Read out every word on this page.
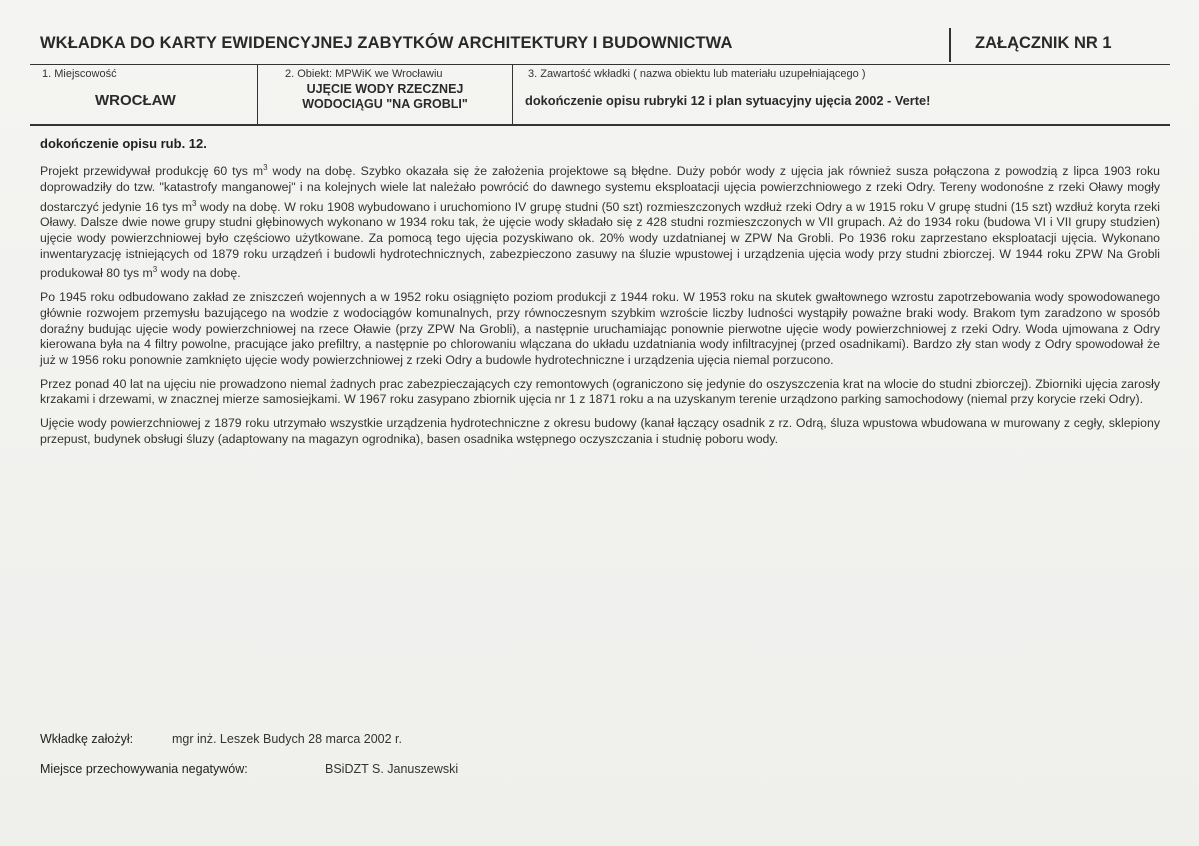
WKŁADKA DO KARTY EWIDENCYJNEJ ZABYTKÓW ARCHITEKTURY I BUDOWNICTWA	ZAŁĄCZNIK NR 1
1. Miejscowość
WROCŁAW
2. Obiekt: MPWiK we Wrocławiu
UJĘCIE WODY RZECZNEJ
WODOCIĄGU "NA GROBLI"
3. Zawartość wkładki ( nazwa obiektu lub materiału uzupełniającego )
dokończenie opisu rubryki 12 i plan sytuacyjny ujęcia 2002 - Verte!
dokończenie opisu rub. 12.

Projekt przewidywał produkcję 60 tys $m^3$ wody na dobę. Szybko okazała się że założenia projektowe są błędne. Duży pobór wody z ujęcia jak również susza połączona z powodzią z lipca 1903 roku doprowadziły do tzw. "katastrofy manganowej" i na kolejnych wiele lat należało powrócić do dawnego systemu eksploatacji ujęcia powierzchniowego z rzeki Odry. Tereny wodonośne z rzeki Oławy mogły dostarczyć jedynie 16 tys $m^3$ wody na dobę. W roku 1908 wybudowano i uruchomiono IV grupę studni (50 szt) rozmieszczonych wzdłuż rzeki Odry a w 1915 roku V grupę studni (15 szt) wzdłuż koryta rzeki Oławy. Dalsze dwie nowe grupy studni głębinowych wykonano w 1934 roku tak, że ujęcie wody składało się z 428 studni rozmieszczonych w VII grupach. Aż do 1934 roku (budowa VI i VII grupy studzien) ujęcie wody powierzchniowej było częściowo użytkowane. Za pomocą tego ujęcia pozyskiwano ok. 20% wody uzdatnianej w ZPW Na Grobli. Po 1936 roku zaprzestano eksploatacji ujęcia. Wykonano inwentaryzację istniejących od 1879 roku urządzeń i budowli hydrotechnicznych, zabezpieczono zasuwy na śluzie wpustowej i urządzenia ujęcia wody przy studni zbiorczej. W 1944 roku ZPW Na Grobli produkował 80 tys $m^3$ wody na dobę.

Po 1945 roku odbudowano zakład ze zniszczeń wojennych a w 1952 roku osiągnięto poziom produkcji z 1944 roku. W 1953 roku na skutek gwałtownego wzrostu zapotrzebowania wody spowodowanego głównie rozwojem przemysłu bazującego na wodzie z wodociągów komunalnych, przy równoczesnym szybkim wzroście liczby ludności wystąpiły poważne braki wody. Brakom tym zaradzono w sposób doraźny budując ujęcie wody powierzchniowej na rzece Oławie (przy ZPW Na Grobli), a następnie uruchamiając ponownie pierwotne ujęcie wody powierzchniowej z rzeki Odry. Woda ujmowana z Odry kierowana była na 4 filtry powolne, pracujące jako prefiltry, a następnie po chlorowaniu wlączana do układu uzdatniania wody infiltracyjnej (przed osadnikami). Bardzo zły stan wody z Odry spowodował że już w 1956 roku ponownie zamknięto ujęcie wody powierzchniowej z rzeki Odry a budowle hydrotechniczne i urządzenia ujęcia niemal porzucono.

Przez ponad 40 lat na ujęciu nie prowadzono niemal żadnych prac zabezpieczających czy remontowych (ograniczono się jedynie do oszyszczenia krat na wlocie do studni zbiorczej). Zbiorniki ujęcia zarosły krzakami i drzewami, w znacznej mierze samosiejkami. W 1967 roku zasypano zbiornik ujęcia nr 1 z 1871 roku a na uzyskanym terenie urządzono parking samochodowy (niemal przy korycie rzeki Odry).

Ujęcie wody powierzchniowej z 1879 roku utrzymało wszystkie urządzenia hydrotechniczne z okresu budowy (kanał łączący osadnik z rz. Odrą, śluza wpustowa wbudowana w murowany z cegły, sklepiony przepust, budynek obsługi śluzy (adaptowany na magazyn ogrodnika), basen osadnika wstępnego oczyszczania i studnię poboru wody.

Wkładkę założył:	mgr inż. Leszek Budych 28 marca 2002 r.
Miejsce przechowywania negatywów:	BSiDZT S. Januszewski
